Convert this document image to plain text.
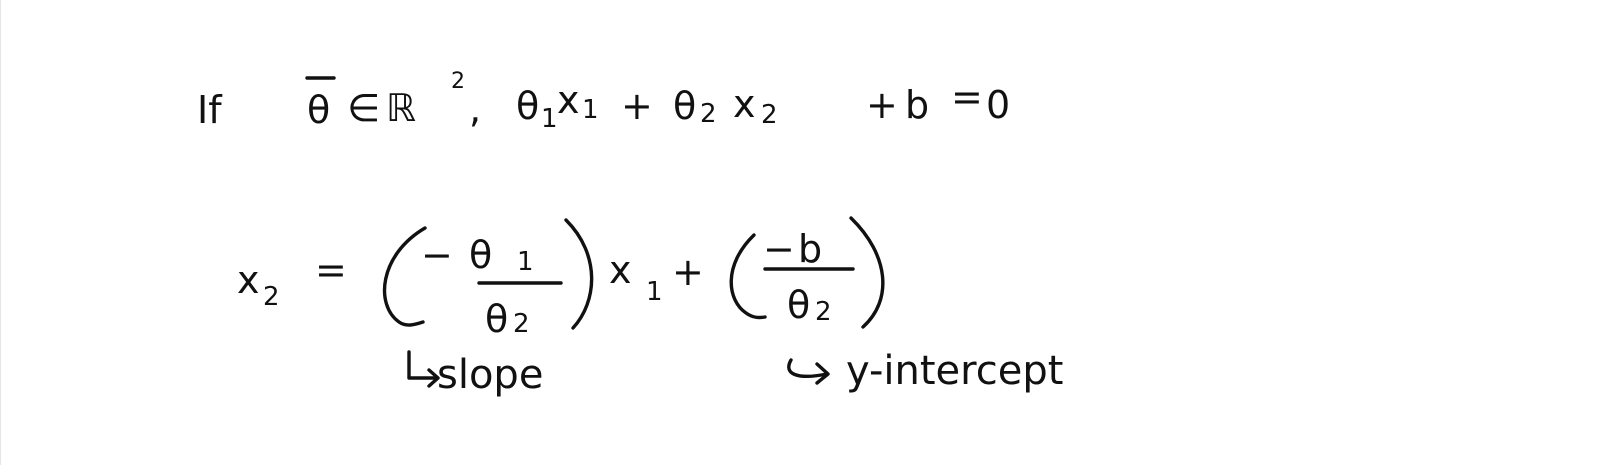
If θ ∈ ℝ
2
, θ 1 x 1 + θ 2 x 2 + b = 0
x 2
= − θ 1
θ 2
x 1 +
− b
θ 2
slope	y-intercept
